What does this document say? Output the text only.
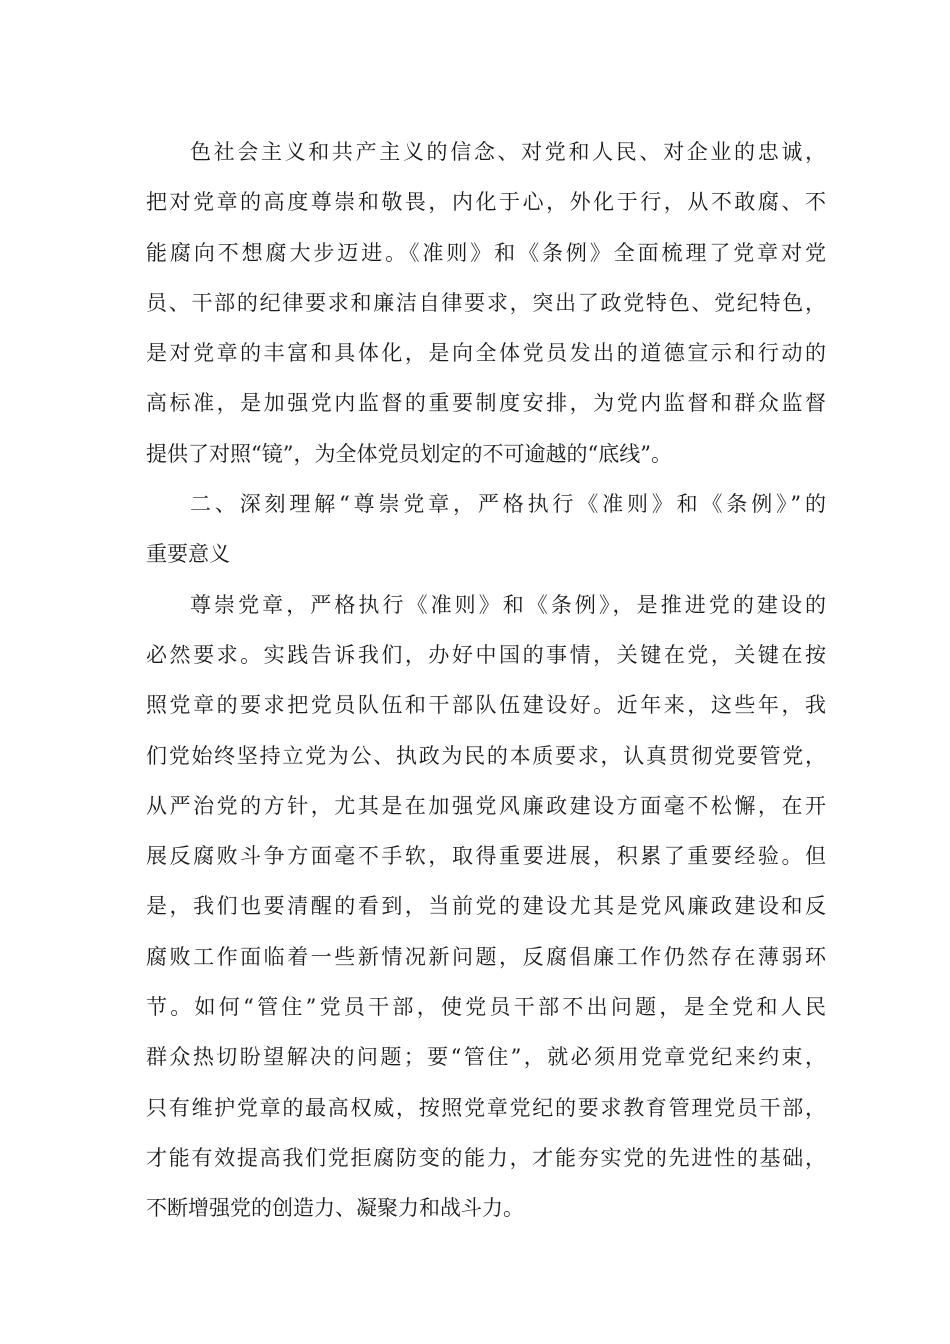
色社会主义和共产主义的信念、对党和人民、对企业的忠诚，
把对党章的高度尊崇和敬畏，内化于心，外化于行，从不敢腐、不
能腐向不想腐大步迈进。《准则》和《条例》全面梳理了党章对党
员、干部的纪律要求和廉洁自律要求，突出了政党特色、党纪特色，
是对党章的丰富和具体化，是向全体党员发出的道德宣示和行动的
高标准，是加强党内监督的重要制度安排，为党内监督和群众监督
提供了对照“镜”，为全体党员划定的不可逾越的“底线”。
二、深刻理解“尊崇党章，严格执行《准则》和《条例》”的
重要意义
尊崇党章，严格执行《准则》和《条例》，是推进党的建设的
必然要求。实践告诉我们，办好中国的事情，关键在党，关键在按
照党章的要求把党员队伍和干部队伍建设好。近年来，这些年，我
们党始终坚持立党为公、执政为民的本质要求，认真贯彻党要管党，
从严治党的方针，尤其是在加强党风廉政建设方面毫不松懈，在开
展反腐败斗争方面毫不手软，取得重要进展，积累了重要经验。但
是，我们也要清醒的看到，当前党的建设尤其是党风廉政建设和反
腐败工作面临着一些新情况新问题，反腐倡廉工作仍然存在薄弱环
节。如何“管住”党员干部，使党员干部不出问题，是全党和人民
群众热切盼望解决的问题；要“管住”，就必须用党章党纪来约束，
只有维护党章的最高权威，按照党章党纪的要求教育管理党员干部，
才能有效提高我们党拒腐防变的能力，才能夯实党的先进性的基础，
不断增强党的创造力、凝聚力和战斗力。
